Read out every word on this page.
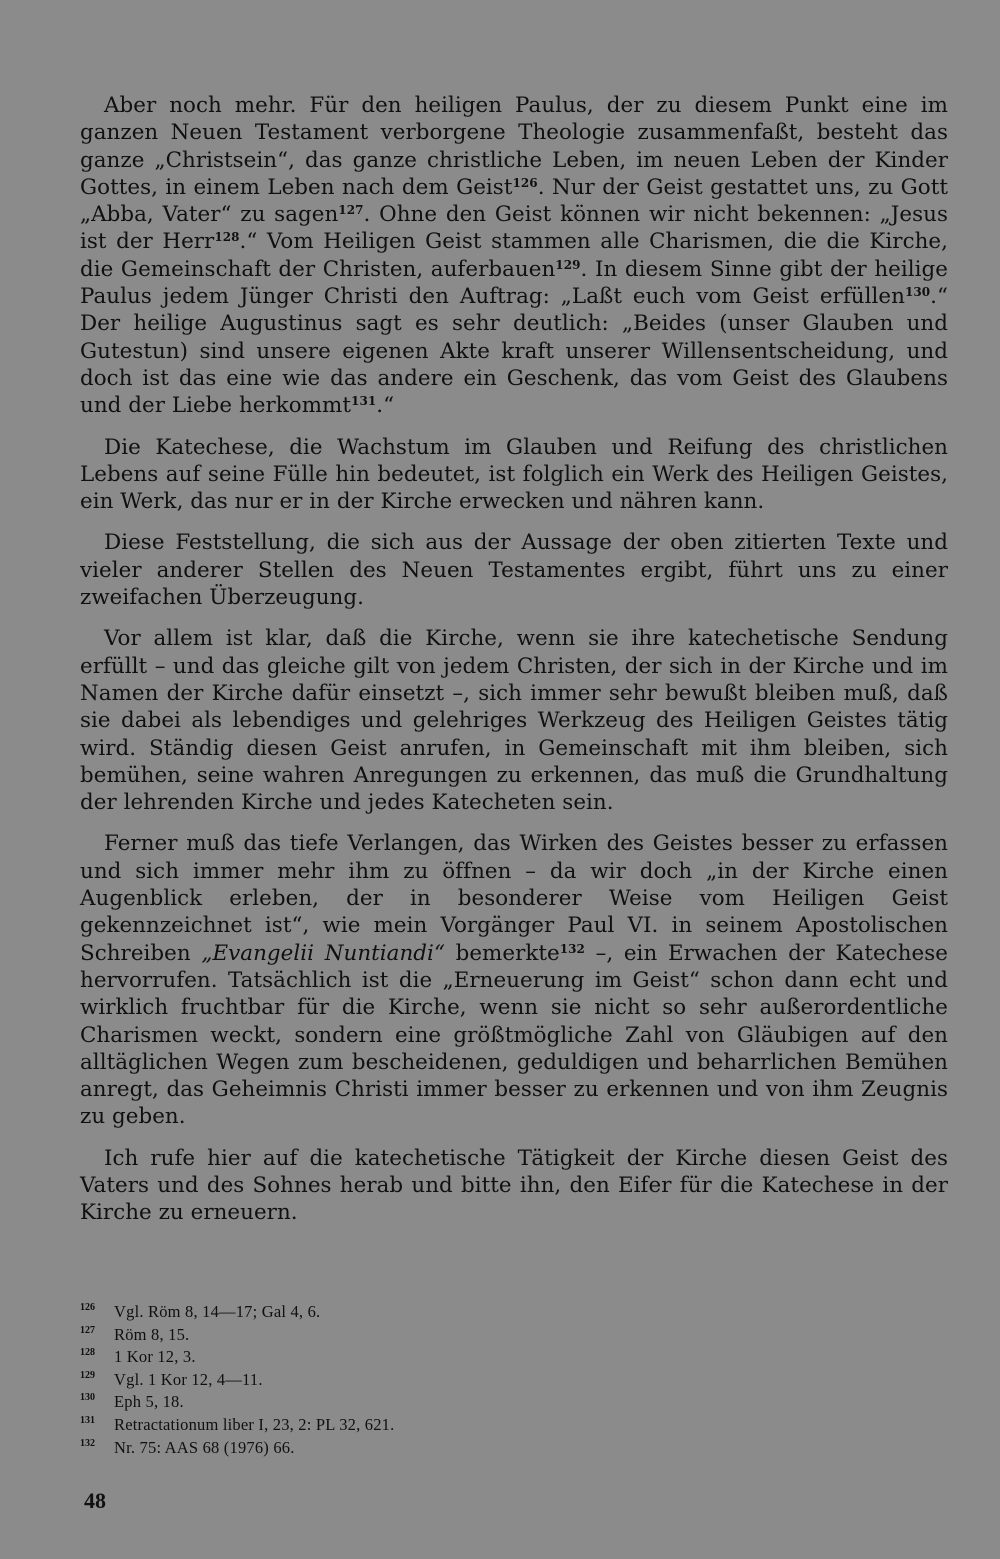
Aber noch mehr. Für den heiligen Paulus, der zu diesem Punkt eine im ganzen Neuen Testament verborgene Theologie zusammenfaßt, besteht das ganze „Christsein“, das ganze christliche Leben, im neuen Leben der Kinder Gottes, in einem Leben nach dem Geist$^{126}$. Nur der Geist gestattet uns, zu Gott „Abba, Vater“ zu sagen$^{127}$. Ohne den Geist können wir nicht bekennen: „Jesus ist der Herr$^{128}$.“ Vom Heiligen Geist stammen alle Charismen, die die Kirche, die Gemeinschaft der Christen, auferbauen$^{129}$. In diesem Sinne gibt der heilige Paulus jedem Jünger Christi den Auftrag: „Laßt euch vom Geist erfüllen$^{130}$.“ Der heilige Augustinus sagt es sehr deutlich: „Beides (unser Glauben und Gutestun) sind unsere eigenen Akte kraft unserer Willensentscheidung, und doch ist das eine wie das andere ein Geschenk, das vom Geist des Glaubens und der Liebe herkommt$^{131}$.“

Die Katechese, die Wachstum im Glauben und Reifung des christlichen Lebens auf seine Fülle hin bedeutet, ist folglich ein Werk des Heiligen Geistes, ein Werk, das nur er in der Kirche erwecken und nähren kann.

Diese Feststellung, die sich aus der Aussage der oben zitierten Texte und vieler anderer Stellen des Neuen Testamentes ergibt, führt uns zu einer zweifachen Überzeugung.

Vor allem ist klar, daß die Kirche, wenn sie ihre katechetische Sendung erfüllt – und das gleiche gilt von jedem Christen, der sich in der Kirche und im Namen der Kirche dafür einsetzt –, sich immer sehr bewußt bleiben muß, daß sie dabei als lebendiges und gelehriges Werkzeug des Heiligen Geistes tätig wird. Ständig diesen Geist anrufen, in Gemeinschaft mit ihm bleiben, sich bemühen, seine wahren Anregungen zu erkennen, das muß die Grundhaltung der lehrenden Kirche und jedes Katecheten sein.

Ferner muß das tiefe Verlangen, das Wirken des Geistes besser zu erfassen und sich immer mehr ihm zu öffnen – da wir doch „in der Kirche einen Augenblick erleben, der in besonderer Weise vom Heiligen Geist gekennzeichnet ist“, wie mein Vorgänger Paul VI. in seinem Apostolischen Schreiben „Evangelii Nuntiandi“ bemerkte$^{132}$ –, ein Erwachen der Katechese hervorrufen. Tatsächlich ist die „Erneuerung im Geist“ schon dann echt und wirklich fruchtbar für die Kirche, wenn sie nicht so sehr außerordentliche Charismen weckt, sondern eine größtmögliche Zahl von Gläubigen auf den alltäglichen Wegen zum bescheidenen, geduldigen und beharrlichen Bemühen anregt, das Geheimnis Christi immer besser zu erkennen und von ihm Zeugnis zu geben.

Ich rufe hier auf die katechetische Tätigkeit der Kirche diesen Geist des Vaters und des Sohnes herab und bitte ihn, den Eifer für die Katechese in der Kirche zu erneuern.

126	Vgl. Röm 8, 14—17; Gal 4, 6.
127	Röm 8, 15.
128	1 Kor 12, 3.
129	Vgl. 1 Kor 12, 4—11.
130	Eph 5, 18.
131	Retractationum liber I, 23, 2: PL 32, 621.
132	Nr. 75: AAS 68 (1976) 66.
48
